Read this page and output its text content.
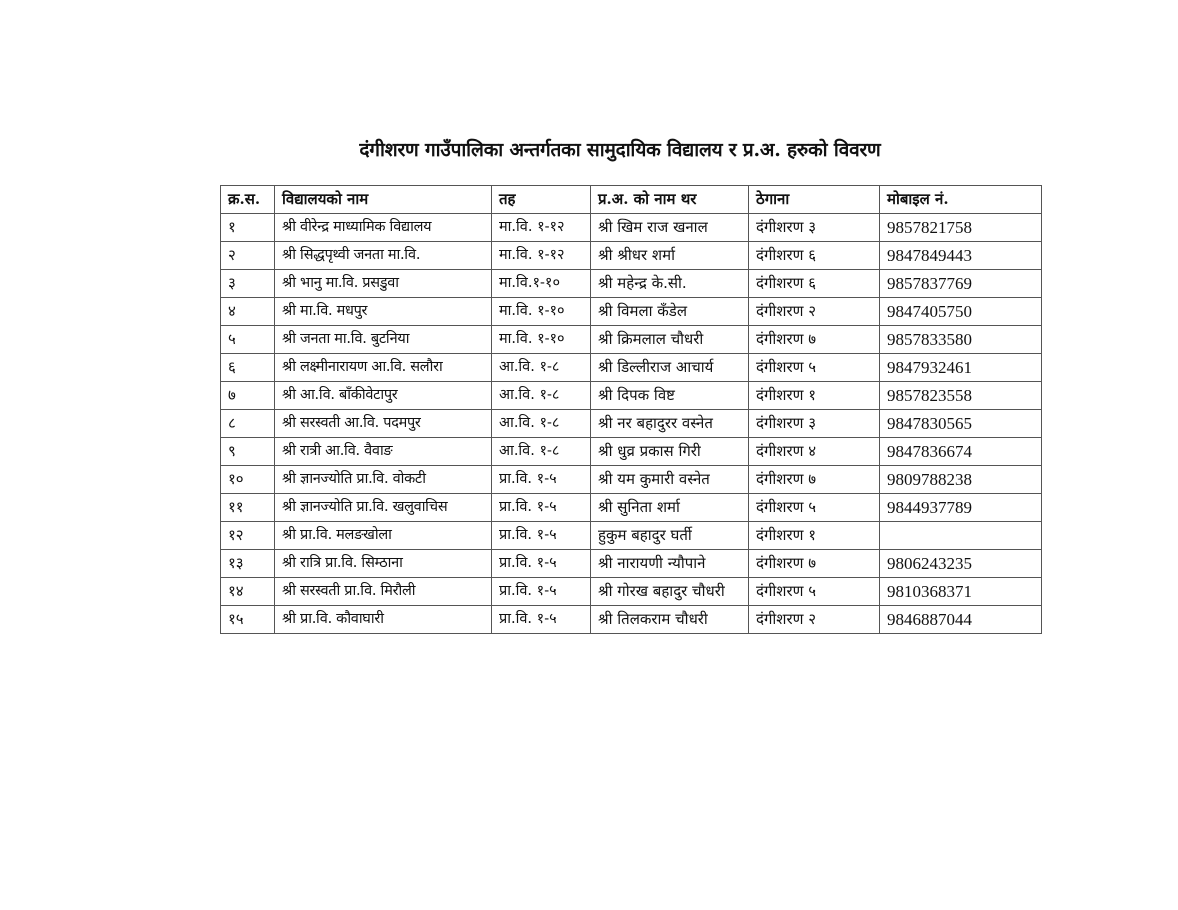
दंगीशरण गाउँपालिका अन्तर्गतका सामुदायिक विद्यालय र प्र.अ. हरुको विवरण
क्र.स.	विद्यालयको नाम	तह	प्र.अ. को नाम थर	ठेगाना	मोबाइल नं.
१	श्री वीरेन्द्र माध्यामिक विद्यालय	मा.वि. १-१२	श्री खिम राज खनाल	दंगीशरण ३	9857821758
२	श्री सिद्धपृथ्वी जनता मा.वि.	मा.वि. १-१२	श्री श्रीधर शर्मा	दंगीशरण ६	9847849443
३	श्री भानु मा.वि. प्रसडुवा	मा.वि.१-१०	श्री महेन्द्र के.सी.	दंगीशरण ६	9857837769
४	श्री मा.वि. मधपुर	मा.वि. १-१०	श्री विमला कँडेल	दंगीशरण २	9847405750
५	श्री जनता मा.वि. बुटनिया	मा.वि. १-१०	श्री क्रिमलाल चौधरी	दंगीशरण ७	9857833580
६	श्री लक्ष्मीनारायण आ.वि. सलौरा	आ.वि. १-८	श्री डिल्लीराज आचार्य	दंगीशरण ५	9847932461
७	श्री आ.वि. बाँकीवेटापुर	आ.वि. १-८	श्री दिपक विष्ट	दंगीशरण १	9857823558
८	श्री सरस्वती आ.वि. पदमपुर	आ.वि. १-८	श्री नर बहादुरर वस्नेत	दंगीशरण ३	9847830565
९	श्री रात्री आ.वि. वैवाङ	आ.वि. १-८	श्री धुव्र प्रकास गिरी	दंगीशरण ४	9847836674
१०	श्री ज्ञानज्योति प्रा.वि. वोकटी	प्रा.वि. १-५	श्री यम कुमारी वस्नेत	दंगीशरण ७	9809788238
११	श्री ज्ञानज्योति प्रा.वि. खलुवाचिस	प्रा.वि. १-५	श्री सुनिता शर्मा	दंगीशरण ५	9844937789
१२	श्री प्रा.वि. मलङखोला	प्रा.वि. १-५	हुकुम बहादुर घर्ती	दंगीशरण १	
१३	श्री रात्रि प्रा.वि. सिम्ठाना	प्रा.वि. १-५	श्री नारायणी न्यौपाने	दंगीशरण ७	9806243235
१४	श्री सरस्वती प्रा.वि. मिरौली	प्रा.वि. १-५	श्री गोरख बहादुर चौधरी	दंगीशरण ५	9810368371
१५	श्री प्रा.वि. कौवाघारी	प्रा.वि. १-५	श्री तिलकराम चौधरी	दंगीशरण २	9846887044
